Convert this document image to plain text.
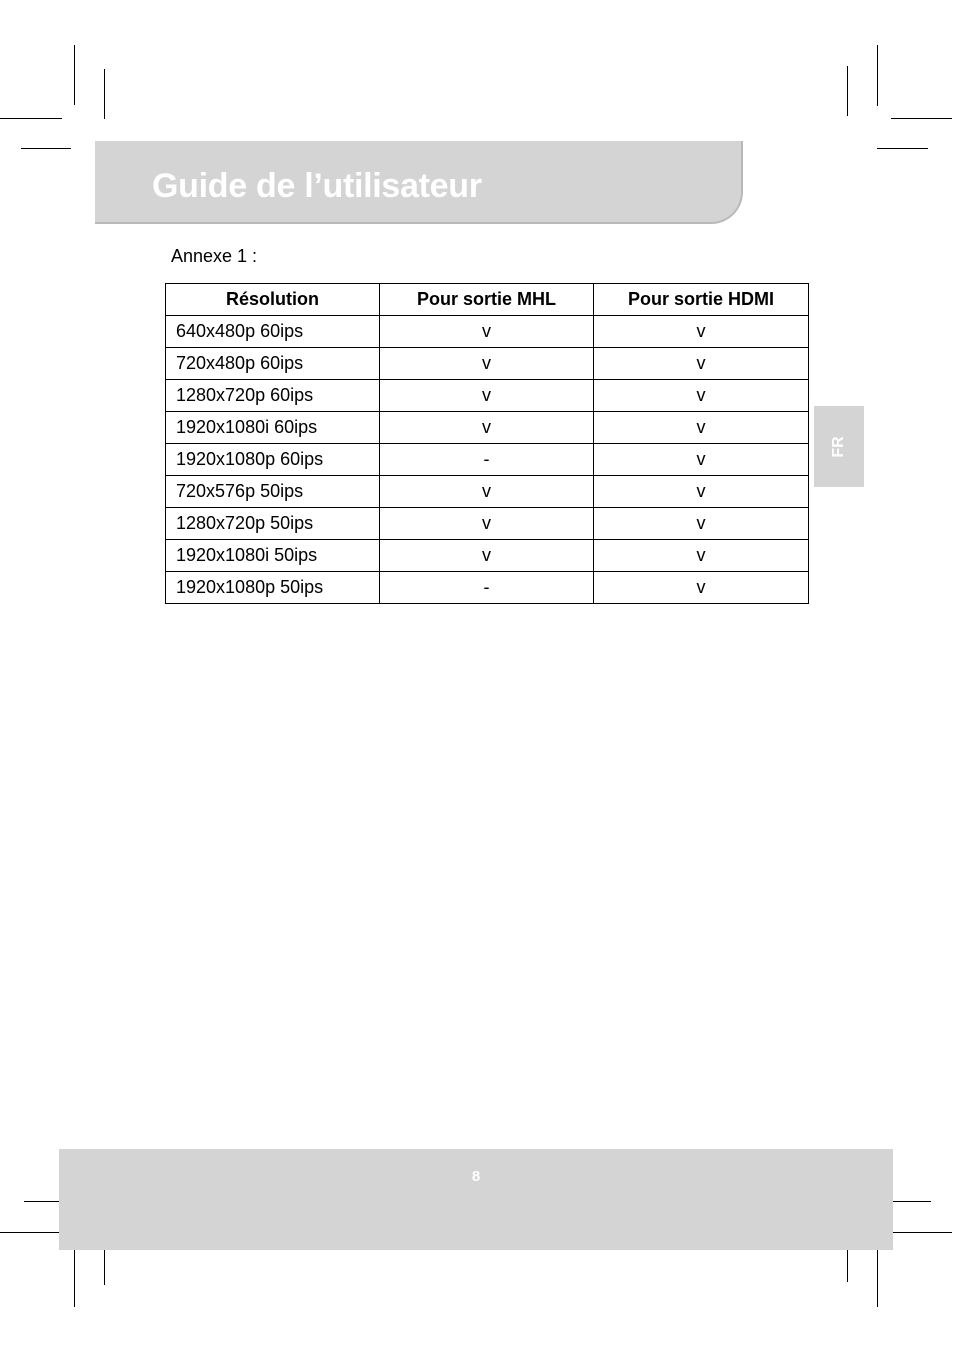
Guide de l’utilisateur
Annexe 1 :
Résolution	Pour sortie MHL	Pour sortie HDMI
640x480p 60ips	v	v
720x480p 60ips	v	v
1280x720p 60ips	v	v
1920x1080i 60ips	v	v
1920x1080p 60ips	-	v
720x576p 50ips	v	v
1280x720p 50ips	v	v
1920x1080i 50ips	v	v
1920x1080p 50ips	-	v
FR
8
